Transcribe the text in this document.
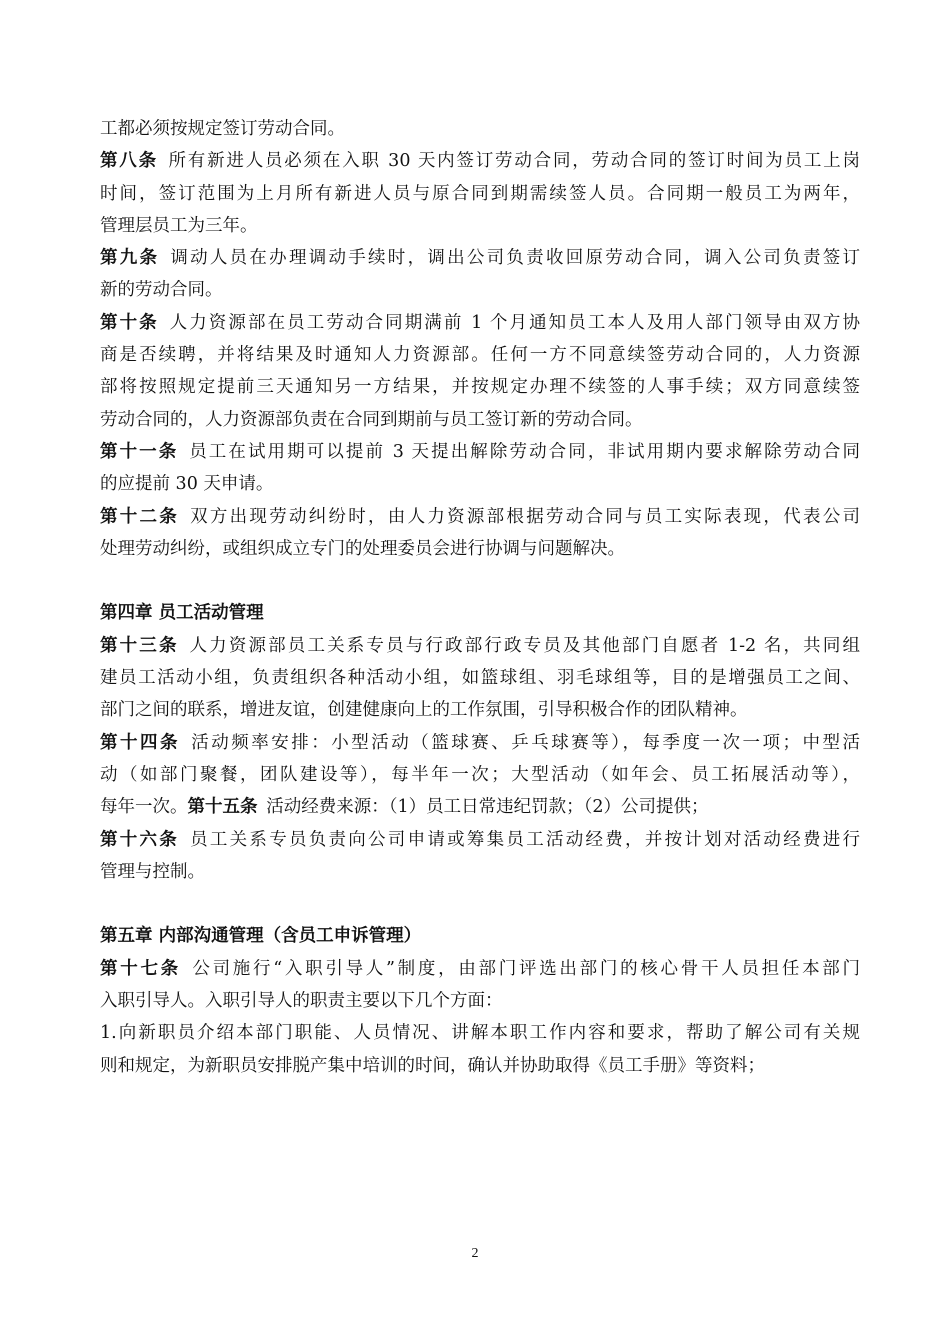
工都必须按规定签订劳动合同。
第八条  所有新进人员必须在入职 30 天内签订劳动合同，劳动合同的签订时间为员工上岗
时间，签订范围为上月所有新进人员与原合同到期需续签人员。合同期一般员工为两年，
管理层员工为三年。
第九条  调动人员在办理调动手续时，调出公司负责收回原劳动合同，调入公司负责签订
新的劳动合同。
第十条  人力资源部在员工劳动合同期满前 1 个月通知员工本人及用人部门领导由双方协
商是否续聘，并将结果及时通知人力资源部。任何一方不同意续签劳动合同的，人力资源
部将按照规定提前三天通知另一方结果，并按规定办理不续签的人事手续；双方同意续签
劳动合同的，人力资源部负责在合同到期前与员工签订新的劳动合同。
第十一条  员工在试用期可以提前 3 天提出解除劳动合同，非试用期内要求解除劳动合同
的应提前 30 天申请。
第十二条  双方出现劳动纠纷时，由人力资源部根据劳动合同与员工实际表现，代表公司
处理劳动纠纷，或组织成立专门的处理委员会进行协调与问题解决。
第四章 员工活动管理
第十三条  人力资源部员工关系专员与行政部行政专员及其他部门自愿者 1-2 名，共同组
建员工活动小组，负责组织各种活动小组，如篮球组、羽毛球组等，目的是增强员工之间、
部门之间的联系，增进友谊，创建健康向上的工作氛围，引导积极合作的团队精神。
第十四条  活动频率安排：小型活动（篮球赛、乒乓球赛等），每季度一次一项；中型活
动（如部门聚餐，团队建设等），每半年一次；大型活动（如年会、员工拓展活动等），
每年一次。第十五条  活动经费来源：（1）员工日常违纪罚款；（2）公司提供；
第十六条  员工关系专员负责向公司申请或筹集员工活动经费，并按计划对活动经费进行
管理与控制。
第五章 内部沟通管理（含员工申诉管理）
第十七条  公司施行“入职引导人”制度，由部门评选出部门的核心骨干人员担任本部门
入职引导人。入职引导人的职责主要以下几个方面：
1.向新职员介绍本部门职能、人员情况、讲解本职工作内容和要求，帮助了解公司有关规
则和规定，为新职员安排脱产集中培训的时间，确认并协助取得《员工手册》等资料；
2
